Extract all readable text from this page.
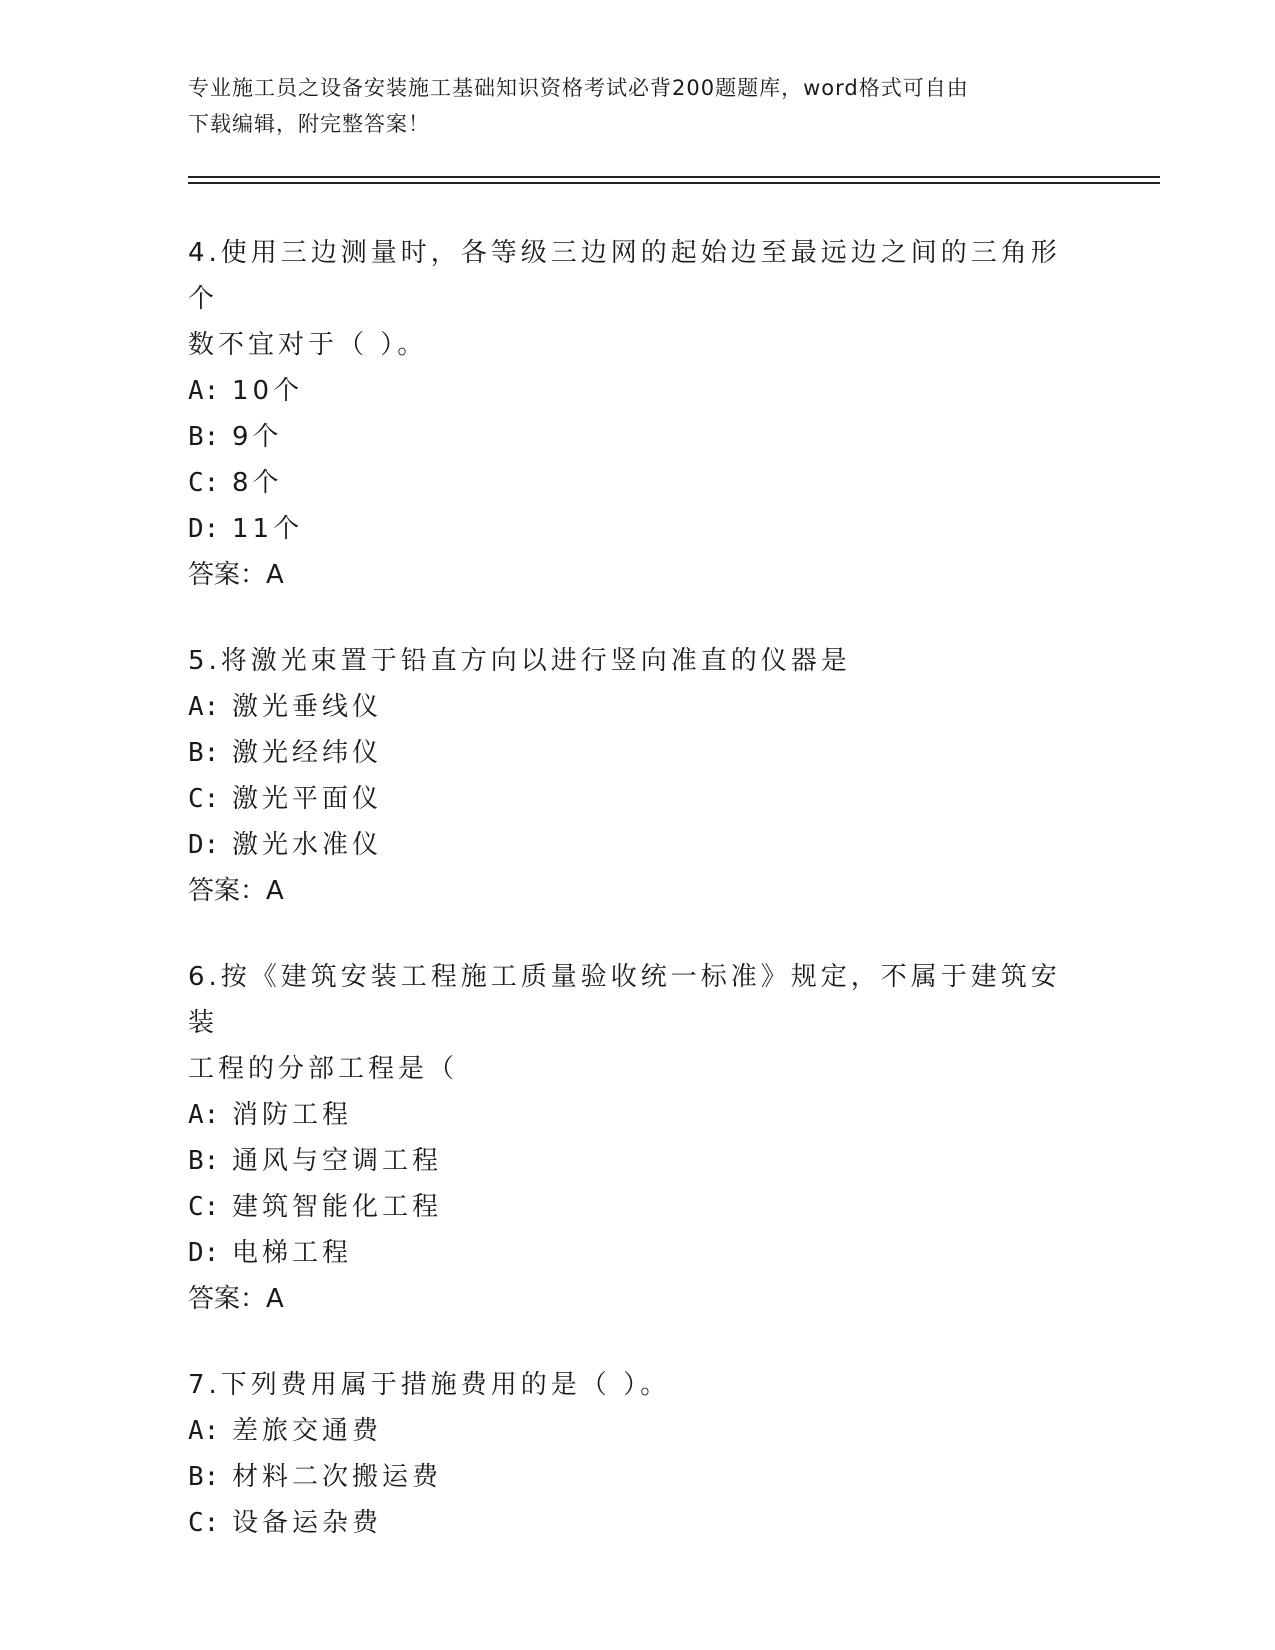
专业施工员之设备安装施工基础知识资格考试必背200题题库，word格式可自由
下载编辑，附完整答案！

4.使用三边测量时，各等级三边网的起始边至最远边之间的三角形个

数不宜对于（ ）。

A: 10个

B: 9个

C: 8个

D: 11个

答案：A

5.将激光束置于铅直方向以进行竖向准直的仪器是

A: 激光垂线仪

B: 激光经纬仪

C: 激光平面仪

D: 激光水准仪

答案：A

6.按《建筑安装工程施工质量验收统一标准》规定，不属于建筑安装

工程的分部工程是（

A: 消防工程

B: 通风与空调工程

C: 建筑智能化工程

D: 电梯工程

答案：A

7.下列费用属于措施费用的是（ ）。

A: 差旅交通费

B: 材料二次搬运费

C: 设备运杂费
